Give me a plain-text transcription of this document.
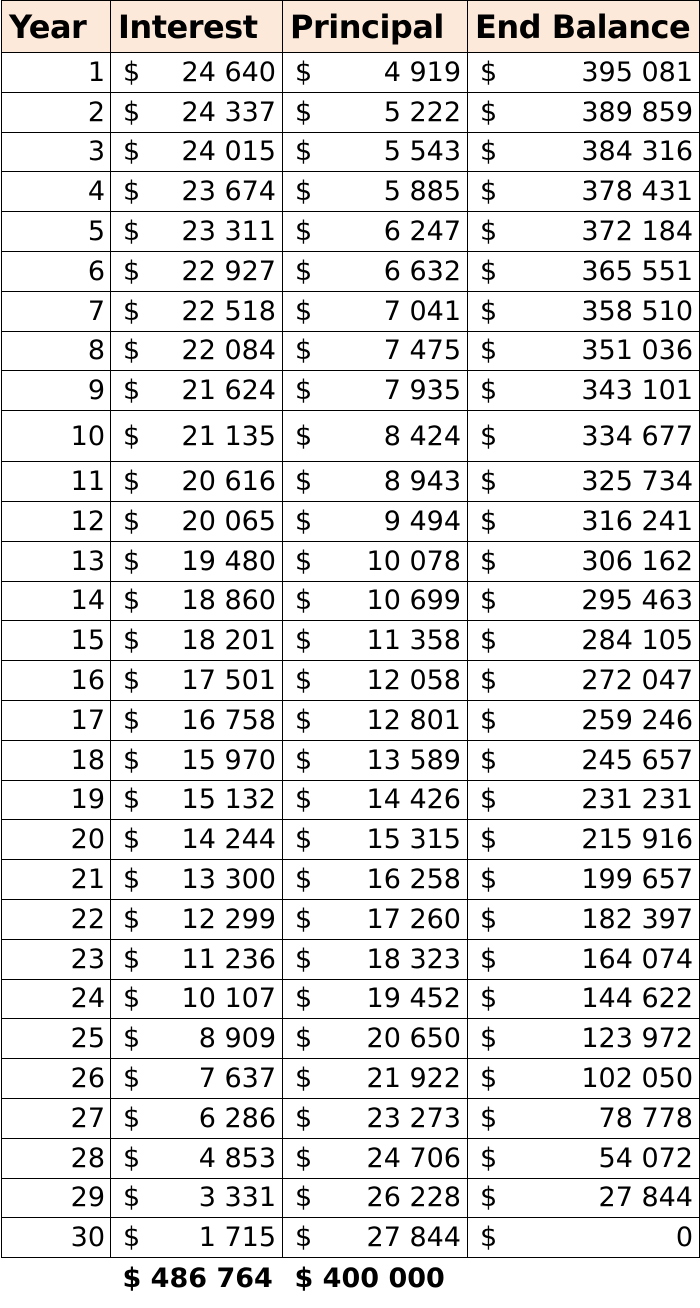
Year	Interest	Principal	End Balance
1	$ 24 640	$ 4 919	$ 395 081

2	$ 24 337	$ 5 222	$ 389 859

3	$ 24 015	$ 5 543	$ 384 316

4	$ 23 674	$ 5 885	$ 378 431

5	$ 23 311	$ 6 247	$ 372 184

6	$ 22 927	$ 6 632	$ 365 551

7	$ 22 518	$ 7 041	$ 358 510

8	$ 22 084	$ 7 475	$ 351 036

9	$ 21 624	$ 7 935	$ 343 101

10	$ 21 135	$ 8 424	$ 334 677

11	$ 20 616	$ 8 943	$ 325 734

12	$ 20 065	$ 9 494	$ 316 241

13	$ 19 480	$ 10 078	$ 306 162

14	$ 18 860	$ 10 699	$ 295 463

15	$ 18 201	$ 11 358	$ 284 105

16	$ 17 501	$ 12 058	$ 272 047

17	$ 16 758	$ 12 801	$ 259 246

18	$ 15 970	$ 13 589	$ 245 657

19	$ 15 132	$ 14 426	$ 231 231

20	$ 14 244	$ 15 315	$ 215 916

21	$ 13 300	$ 16 258	$ 199 657

22	$ 12 299	$ 17 260	$ 182 397

23	$ 11 236	$ 18 323	$ 164 074

24	$ 10 107	$ 19 452	$ 144 622

25	$ 8 909	$ 20 650	$ 123 972

26	$ 7 637	$ 21 922	$ 102 050

27	$ 6 286	$ 23 273	$ 78 778

28	$ 4 853	$ 24 706	$ 54 072

29	$ 3 331	$ 26 228	$ 27 844

30	$ 1 715	$ 27 844	$ 0

	$ 486 764	$ 400 000	
